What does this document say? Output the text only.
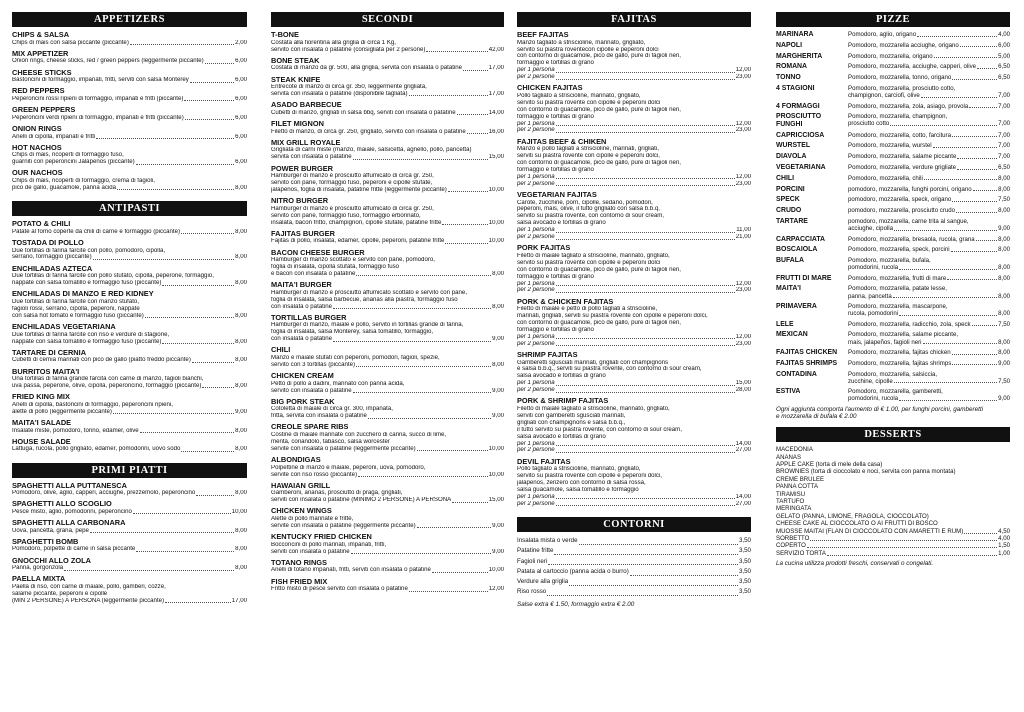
APPETIZERS
CHIPS & SALSA
Chips di mais con salsa piccante (piccante)	2,00
MIX APPETIZER
Onion rings, cheese sticks, red / green peppers (leggermente piccante)	6,00
CHEESE STICKS
Bastoncini di formaggio, impanati, fritti, serviti con salsa Monterey	6,00
RED PEPPERS
Peperoncini rossi ripieni di formaggio, impanati e fritti (piccante)	6,00
GREEN PEPPERS
Peperoncini verdi ripieni di formaggio, impanati e fritti (piccante)	6,00
ONION RINGS
Anelli di cipolla, impanati e fritti	6,00
HOT NACHOS
Chips di mais, ricoperti di formaggio fuso,
guarniti con peperoncini Jalapenos (piccante)	6,00
OUR NACHOS
Chips di mais, ricoperti di formaggio, crema di fagioli,
pico de gallo, guacamole, panna acida	8,00
ANTIPASTI
POTATO & CHILI
Patate al forno coperte da chili di carne e formaggio (piccante)	8,00
TOSTADA DI POLLO
Due tortillas di farina farcite con pollo, pomodoro, cipolla,
serrano, formaggio (piccante)	8,00
ENCHILADAS AZTECA
Due tortillas di farina farcite con pollo stufato, cipolla, peperone, formaggio,
nappate con salsa tomatillo e formaggio fuso (piccante)	8,00
ENCHILADAS DI MANZO E RED KIDNEY
Due tortillas di farina farcite con manzo stufato,
fagioli rossi, serrano, cipolla, peperoni, nappate
con salsa hot tomato e formaggio fuso (piccante)	8,00
ENCHILADAS VEGETARIANA
Due tortillas di farina farcite con riso e verdure di stagione,
nappate con salsa tomatillo e formaggio fuso (piccante)	8,00
TARTARE DI CERNIA
Cubetti di cernia marinati con pico de gallo (piatto freddo piccante)	8,00
BURRITOS MAITA'I
Una tortillas di farina grande farcita con carne di manzo, fagioli bianchi,
uva passa, peperone, olive, cipolla, peperoncino, formaggio (piccante)	8,00
FRIED KING MIX
Anelli di cipolla, bastoncini di formaggio, peperoncini ripieni,
alette di pollo (leggermente piccante)	9,00
MAITA'I SALADE
Insalate miste, pomodoro, tonno, edamer, olive	8,00
HOUSE SALADE
Lattuga, rucola, pollo grigliato, edamer, pomodorini, uovo sodo	8,00
PRIMI PIATTI
SPAGHETTI ALLA PUTTANESCA
Pomodoro, olive, aglio, capperi, acciughe, prezzemolo, peperoncino	8,00
SPAGHETTI ALLO SCOGLIO
Pesce misto, aglio, pomodorini, peperoncino	10,00
SPAGHETTI ALLA CARBONARA
Uova, pancetta, grana, pepe	8,00
SPAGHETTI BOMB
Pomodoro, polpette di carne in salsa piccante	8,00
GNOCCHI ALLO ZOLA
Panna, gorgonzola	8,00
PAELLA MIXTA
Paella di riso, con carne di maiale, pollo, gamberi, cozze,
salame piccante, peperoni e cipolle
(MIN 2 PERSONE) A PERSONA (leggermente piccante)	17,00
SECONDI
T-BONE
Costata alla fiorentina alla griglia di circa 1 Kg,
servito con insalata o patatine (consigliata per 2 persone)	42,00
BONE STEAK
Costata di manzo da gr. 500, alla griglia, servita con insalata o patatine	17,00
STEAK KNIFE
Entrecote di manzo di circa gr. 350, leggermente grigliata,
servita con insalata o patatine (disponibile tagliata)	17,00
ASADO BARBECUE
Cubetti di manzo, grigliati in salsa bbq, serviti con insalata o patatine	14,00
FILET MIGNON
Filetto di manzo, di circa gr. 250, grigliato, servito con insalata o patatine	16,00
MIX GRILL ROYALE
Grigliata di carni miste (manzo, maiale, salsicetta, agnello, pollo, pancetta)
servita con insalata o patatine	15,00
POWER BURGER
Hamburger di manzo e prosciutto affumicato di circa gr. 250,
servito con pane, formaggio fuso, peperoni e cipolle stufate,
jalapenos, foglia di insalata, patatine fritte (leggermente piccante)	10,00
NITRO BURGER
Hamburger di manzo e prosciutto affumicato di circa gr. 250,
servito con pane, formaggio fuso, formaggio erborinato,
insalata, bacon fritto, champignon, cipolle stufate, patatine fritte	10,00
FAJITAS BURGER
Fajitas di pollo, insalata, edamer, cipolle, peperoni, patatine fritte	10,00
BACON CHEESE BURGER
Hamburger di manzo scottato e servito con pane, pomodoro,
foglia di insalata, cipolla stufata, formaggio fuso
e bacon con insalata o patatine	8,00
MAITA'I BURGER
Hamburger di manzo e prosciutto affumicato scottato e servito con pane,
foglia di insalata, salsa barbecue, ananas alla piastra, formaggio fuso
con insalata o patatine	8,00
TORTILLAS BURGER
Hamburger di manzo, maiale e pollo, servito in tortillas grande di farina,
foglia di insalata, salsa Monterey, salsa tomatillo, formaggio,
con insalata o patatine	9,00
CHILI
Manzo e maiale stufati con peperoni, pomodori, fagioli, spezie,
servito con 3 tortillas (piccante)	8,00
CHICKEN CREAM
Petto di pollo a dadini, marinato con panna acida,
servito con insalata o patatine	9,00
BIG PORK STEAK
Cotoletta di maiale di circa gr. 300, impanata,
fritta, servita con insalata o patatine	9,00
CREOLE SPARE RIBS
Costine di maiale marinate con zucchero di canna, succo di lime,
menta, coriandolo, tabasco, salsa worcester
servite con insalata o patatine (leggermente piccante)	10,00
ALBONDIGAS
Polpettine di manzo e maiale, peperoni, uova, pomodoro,
servite con riso rosso (piccante)	10,00
HAWAIAN GRILL
Gamberoni, ananas, prosciutto di praga, grigliati,
serviti con insalata o patatine (MINIMO 2 PERSONE) A PERSONA	15,00
CHICKEN WINGS
Alette di pollo marinate e fritte,
servite con insalata o patatine (leggermente piccante)	9,00
KENTUCKY FRIED CHICKEN
Bocconcini di pollo marinati, impanati, fritti,
serviti con insalata o patatine	9,00
TOTANO RINGS
Anelli di totano impanati, fritti, serviti con insalata o patatine	10,00
FISH FRIED MIX
Fritto misto di pesce servito con insalata o patatine	12,00
FAJITAS
BEEF FAJITAS
Manzo tagliato a striscioline, marinato, grigliato,
servito su piastra roventecon cipolle e peperoni dolci
con contorno di guacamole, pico de gallo, pure di fagioli neri,
formaggio e tortillas di grano
per 1 persona	12,00
per 2 persone	23,00
CHICKEN FAJITAS
Pollo tagliato a striscioline, marinato, grigliato,
servito su piastra rovente con cipolle e peperoni dolci
con contorno di guacamole, pico de gallo, pure di fagioli neri,
formaggio e tortillas di grano
per 1 persona	12,00
per 2 persone	23,00
FAJITAS BEEF & CHIKEN
Manzo e pollo tagliati a striscioline, marinati, grigliati,
serviti su piastra rovente con cipolle e peperoni dolci,
con contorno di guacamole, pico de gallo, pure di fagioli neri,
formaggio e tortillas di grano
per 1 persona	12,00
per 2 persone	23,00
VEGETARIAN FAJITAS
Carote, zucchine, porri, cipolle, sedano, pomodori,
peperoni, mais, olive, il tutto grigliato con salsa b.b.q,
servito su piastra rovente, con contorno di sour cream,
salsa avocado e tortillas di grano
per 1 persona	11,00
per 2 persone	21,00
PORK FAJITAS
Filetto di maiale tagliato a striscioline, marinato, grigliato,
servito su piastra rovente con cipolle e peperoni dolci
con contorno di guacamole, pico de gallo, pure di fagioli neri,
formaggio e tortillas di grano
per 1 persona	12,00
per 2 persone	23,00
PORK & CHICKEN FAJITAS
Filetto di maiale e petto di pollo tagliati a striscioline,
marinati, grigliati, serviti su piastra rovente con cipolle e peperoni dolci,
con contorno di guacamole, pico de gallo, pure di fagioli neri,
formaggio e tortillas di grano
per 1 persona	12,00
per 2 persone	23,00
SHRIMP FAJITAS
Gamberetti sgusciati marinati, grigliati con champignons
e salsa b.b.q., serviti su piastra rovente, con contorno di sour cream,
salsa avocado e tortillas di grano
per 1 persona	15,00
per 2 persone	28,00
PORK & SHRIMP FAJITAS
Filetto di maiale tagliato a striscioline, marinato, grigliato,
serviti con gamberetti sgusciati marinati,
grigliati con champignons e salsa b.b.q.,
il tutto servito su piastra rovente, con contorno di sour cream,
salsa avocado e tortillas di grano
per 1 persona	14,00
per 2 persone	27,00
DEVIL FAJITAS
Pollo tagliato a striscioline, marinato, grigliato,
servito su piastra rovente con cipolle e peperoni dolci,
jalapeños, zenzero con contorno di salsa rossa,
salsa guacamole, salsa tomatillo e formaggio
per 1 persona	14,00
per 2 persone	27,00
CONTORNI
Insalata mista o verde	3,50
Patatine fritte	3,50
Fagioli neri	3,50
Patata al cartoccio (panna acida o burro)	3,50
Verdure alla griglia	3,50
Riso rosso	3,50
Salse extra € 1.50, formaggio extra € 2.00
PIZZE
MARINARA	Pomodoro, aglio, origano	4,00
NAPOLI	Pomodoro, mozzarella acciughe, origano	6,00
MARGHERITA	Pomodoro, mozzarella, origano	5,00
ROMANA	Pomodoro, mozzarella, acciughe, capperi, olive	6,50
TONNO	Pomodoro, mozzarella, tonno, origano	6,50
4 STAGIONI	Pomodoro, mozzarella, prosciutto cotto,
champignon, carciofi, olive	7,00
4 FORMAGGI	Pomodoro, mozzarella, zola, asiago, provola	7,00
PROSCIUTTO FUNGHI
Pomodoro, mozzarella, champignon,
prosciutto cotto	7,00
CAPRICCIOSA	Pomodoro, mozzarella, cotto, farcitura	7,00
WURSTEL	Pomodoro, mozzarella, wurstel	7,00
DIAVOLA	Pomodoro, mozzarella, salame piccante	7,00
VEGETARIANA	Pomodoro, mozzarella, verdure grigliate	6,50
CHILI	Pomodoro, mozzarella, chili	8,00
PORCINI	pomodoro, mozzarella, funghi porcini, origano	8,00
SPECK	pomodoro, mozzarella, speck, origano	7,50
CRUDO	pomodoro, mozzarella, prosciutto crudo	8,00
TARTARE	pomodoro, mozzarella, carne trita al sangue,
acciughe, cipolla	9,00
CARPACCIATA	Pomodoro, mozzarella, bresaola, rucola, grana	8,00
BOSCAIOLA	Pomodoro, mozzarella, speck, porcini	8,00
BUFALA	Pomodoro, mozzarella, bufala,
pomodorini, rucola	8,00
FRUTTI DI MARE	Pomodoro, mozzarella, frutti di mare	8,00
MAITA'I	Pomodoro, mozzarella, patate lesse,
panna, pancetta	8,00
PRIMAVERA	Pomodoro, mozzarella, mascarpone,
rucola, pomodorini	8,00
LELE	Pomodoro, mozzarella, radicchio, zola, speck	7,50
MEXICAN	Pomodoro, mozzarella, salame piccante,
mais, jalapeños, fagioli neri	8,00
FAJITAS CHICKEN	Pomodoro, mozzarella, fajitas chicken	8,00
FAJITAS SHRIMPS	Pomodoro, mozzarella, fajitas shrimps	9,00
CONTADINA	Pomodoro, mozzarella, salsiccia,
zucchine, cipolle	7,50
ESTIVA	Pomodoro, mozzarella, gamberetti,
pomodorini, rucola	9,00
Ogni aggiunta comporta l'aumento di € 1.00, per funghi porcini, gamberetti
e mozzarella di bufala € 2.00
DESSERTS
MACEDONIA
ANANAS
APPLE CAKE (torta di mele della casa)
BROWNIES (torta di cioccolato e noci, servita con panna montata)
CREME BRULEE
PANNA COTTA
TIRAMISU
TARTUFO
MERINGATA
GELATO (PANNA, LIMONE, FRAGOLA, CIOCCOLATO)
CHEESE CAKE AL CIOCCOLATO O AI FRUTTI DI BOSCO
MUOSSE MAITAI (FLAN DI CIOCCOLATO CON AMARETTI E RUM)	4,50
SORBETTO	4,00
COPERTO	1,50
SERVIZIO TORTA	1,00
La cucina utilizza prodotti freschi, conservati o congelati.
